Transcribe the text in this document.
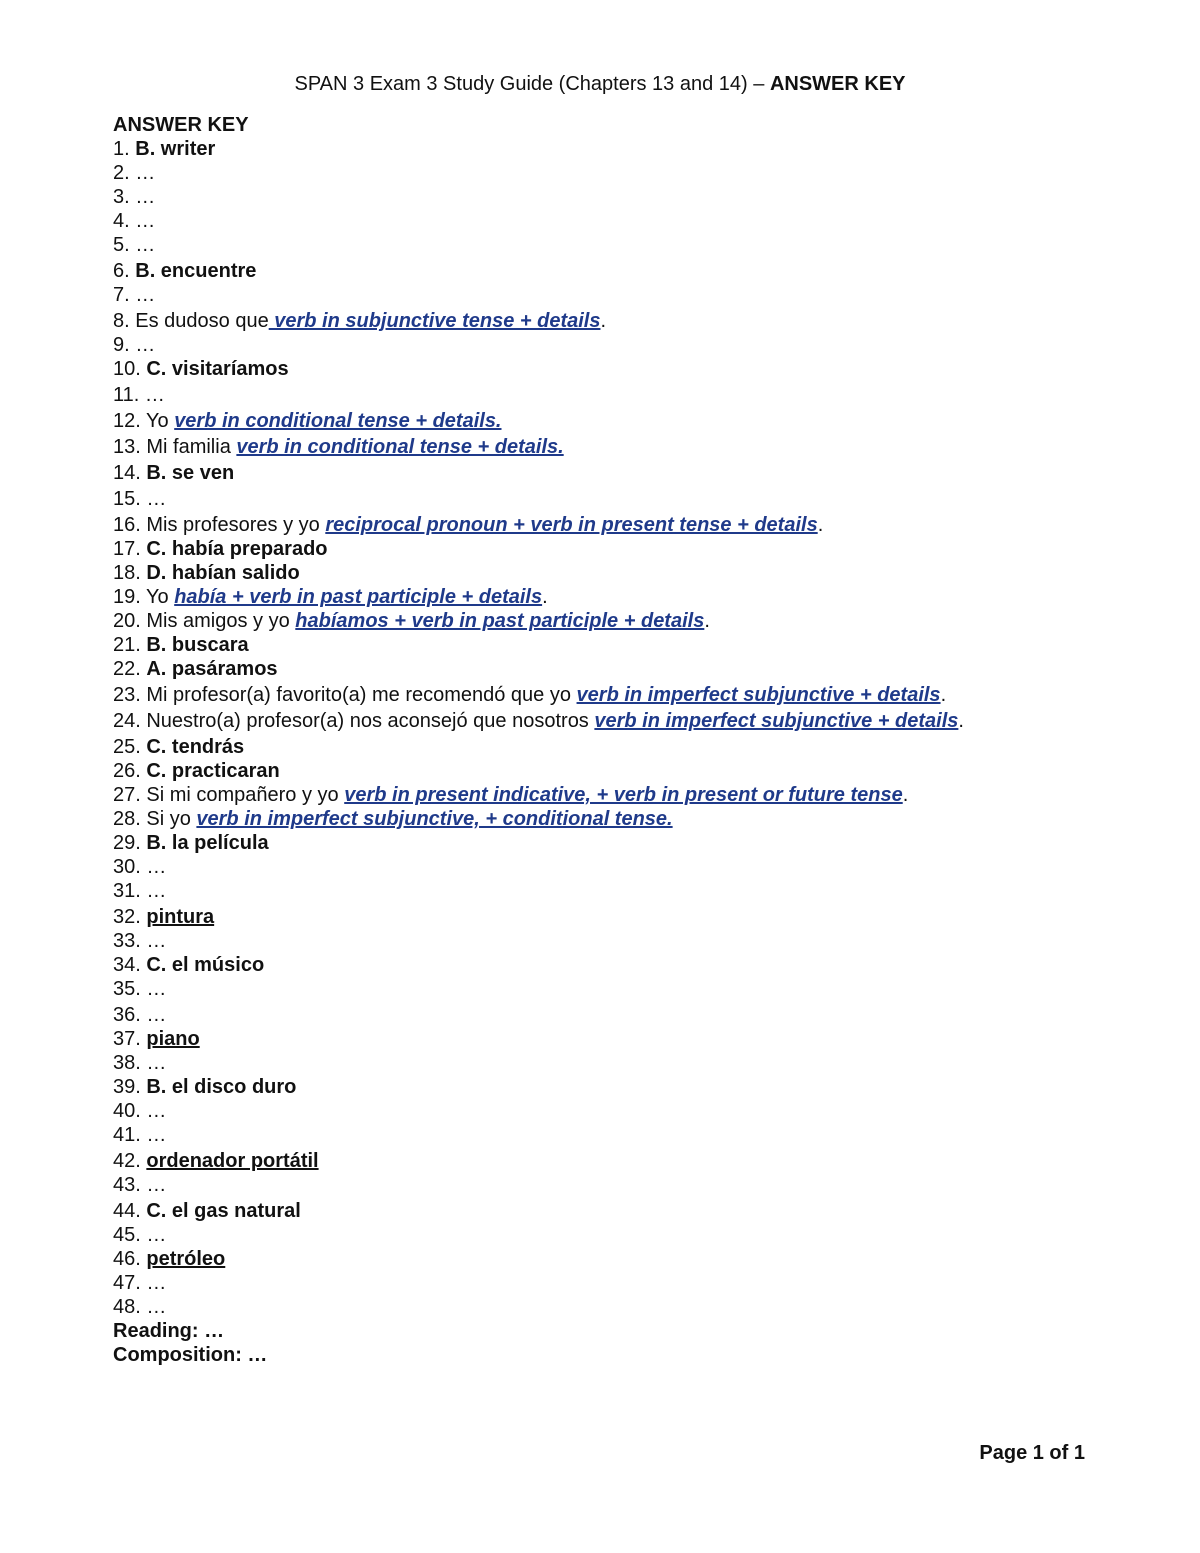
SPAN 3 Exam 3 Study Guide (Chapters 13 and 14) – ANSWER KEY
ANSWER KEY
1. B. writer
2. …
3. …
4. …
5. …
6. B. encuentre
7. …
8. Es dudoso que verb in subjunctive tense + details.
9. …
10. C. visitaríamos
11. …
12. Yo verb in conditional tense + details.
13. Mi familia verb in conditional tense + details.
14. B. se ven
15. …
16. Mis profesores y yo reciprocal pronoun + verb in present tense + details.
17. C. había preparado
18. D. habían salido
19. Yo había + verb in past participle + details.
20. Mis amigos y yo habíamos + verb in past participle + details.
21. B. buscara
22. A. pasáramos
23. Mi profesor(a) favorito(a) me recomendó que yo verb in imperfect subjunctive + details.
24. Nuestro(a) profesor(a) nos aconsejó que nosotros verb in imperfect subjunctive + details.
25. C. tendrás
26. C. practicaran
27. Si mi compañero y yo verb in present indicative, + verb in present or future tense.
28. Si yo verb in imperfect subjunctive, + conditional tense.
29. B. la película
30. …
31. …
32. pintura
33. …
34. C. el músico
35. …
36. …
37. piano
38. …
39. B. el disco duro
40. …
41. …
42. ordenador portátil
43. …
44. C. el gas natural
45. …
46. petróleo
47. …
48. …
Reading: …
Composition: …
Page 1 of 1
